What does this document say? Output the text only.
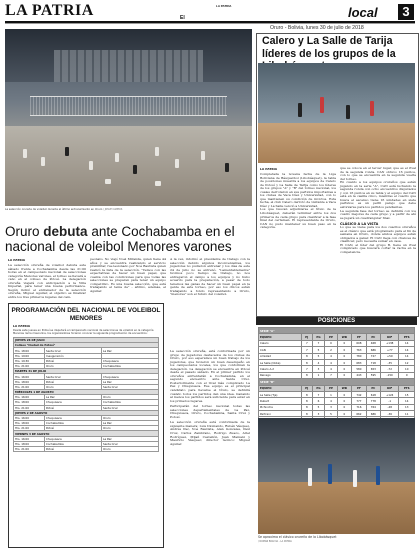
LA PATRIA	El
LA PATRIA	local	3
Oruro - Bolivia, lunes 30 de julio de 2018
La selección orureña de voleibol durante el último entrenamiento en Oruro / JOSUE CAMPOS
Oruro debuta ante Cochabamba en el nacional de voleibol Menores varones
LA PATRIA
La selección orureña de voleibol debuta este sábado frente a Cochabamba desde las 21:00 horas en el campeonato nacional de selecciones categoría Menores varones, el torneo se llevará a cabo en el coliseo de Potosí. La delegación orureña viajará con anticipación a la Villa Imperial, para tener una buena performance. Según indicó el entrenador de la selección orureña, Miguel Aguilar, el objetivo es finalizar entre los tres primeros lugares del cam-
peonato. No viajó Noel Miranda, quien tiene 44 años y se encuentra realizando el servicio premilitar, fue lesionado por Noé Bautista quien realizó la lista de la selección. "Vemos con las expectativas de hacer un buen papel, que cuenta con las condiciones para que todas las selecciones se preparen para tener un equipo competitivo. Es una buena selección, que está trabajando el tema de" - afirmó, además, el Aguilar.
A la vez, informó el presidente de trabajo con la selección debido algunos inconvenientes, los jugadores no pudieron entrenar y los días de este 24 de julio no se entrenó. "Lamentablemente" tuvimos poco tiempo de trabajo, no nos entregaron el campo a los equipos y no hubo acuerdo para la preparación, a pesar de todo tenemos las ganas de hacer un buen papel en la gente de este torneo, por eso los chicos están trabajando a fondo representando a Oruro, "menores" son el futuro del voleibol.
La selección orureña, está conformada por un grupo de jugadores destacados de los clubes de Oruro, por eso esperamos un buen trabajo de los jugadores, que tuvieron un buen desempeño en los campeonatos locales, los que conforman la delegación. La delegación se encuentra en Potosí desde el pasado sábado. En el primer partido los orureños enfrentarán a Cochabamba, en el segundo encuentro ante Santa Cruz. Posteriormente con el rival más complicado La Paz y Chuquisaca. Ese equipo es el principal candidato para llevarse el título, se definirá cuando todos los partidos den una idea. Ganando al menos los partidos será suficiente para estar en los primeros lugares.
Participarán del torneo nacional todas las selecciones departamentales de La Paz, Chuquisaca, Oruro, Cochabamba, Santa Cruz y Potosí.
La selección orureña está conformada de la siguiente manera: Luis Diomando, Rubén Vásquez, Andrés Paz, Noé Bautista, Alan Gonzales, Paúl Cruz, Carlos Zambrano, Rodrigo Zuazo, Ariel Rodríguez, Mijaíl Castellón, Juan Mamani y Mauricio Vásquez; director técnico: Miguel Aguilar.
PROGRAMACIÓN DEL NACIONAL DE VOLEIBOL MENORES
LA PATRIA
Desde este jueves en Potosí se disputará el campeonato nacional de selecciones de voleibol en la categoría Menores rama masculina, los organizadores hicieron conocer la siguiente programación de encuentros:
JUEVES 26 DE JULIO		
Coliseo "Ciudad de Potosí"		
Hrs. 18:00	Santa Cruz	La Paz
Hrs. 19:00	Inauguración	
Hrs. 19:30	Potosí	Chuquisaca
Hrs. 21:00	Oruro	Cochabamba
MARTES 31 DE JULIO		
Hrs. 16:00	Santa Cruz	Chuquisaca
Hrs. 18:00	Potosí	La Paz
Hrs. 21:00	Oruro	Santa Cruz
MIÉRCOLES 1 DE AGOSTO		
Hrs. 16:00	La Paz	Oruro
Hrs. 18:00	Chuquisaca	Cochabamba
Hrs. 21:00	Potosí	Santa Cruz
JUEVES 2 DE AGOSTO		
Hrs. 16:00	Chuquisaca	Oruro
Hrs. 18:00	Cochabamba	La Paz
Hrs. 21:00	Potosí	Oruro
VIERNES 3 DE AGOSTO		
Hrs. 16:00	Chuquisaca	La Paz
Hrs. 18:00	Cochabamba	Santa Cruz
Hrs. 21:00	Potosí	Oruro
Calero y La Salle de Tarija líderes de los grupos de la
LA PATRIA
Completada la novena fecha de la Liga Boliviana de Básquetbol (Libobásquet), la tabla de posiciones muestra a los equipos de Calero de Potosí y La Salle de Tarija como los líderes de los grupos "A" y "B" del torneo nacional, los cuales derrotaron en sus partidos importantes a los clubes de Vaca Díez y Universidad, con lo que mantienen su condición de invictos. Esta fecha, el club Calero derrotó de visitante a Vaca Díez y La Salle venció a Universidad.
Los que buscan adjudicarse el título de la Libobásquet, deberán terminar entre los dos primeros de cada grupo para clasificar a la fase final del certamen. El representante de Oruro, CAN no pudo mantener su buen paso en la categoría.
que se coloca en el tercer lugar, que es el rival de la segunda ronda. CAN obtuvo 16 puntos, con lo que se encuentra en la segunda vuelta del torneo.
En cuanto a los equipos orureños que están jugando en la serie "A", CAN está luchando la segunda ronda con ocho encuentros disputados y con 16 puntos en su tabla y el equipo del CAN está en la casilla cinco, mientras el cuadro que busca el ascenso tiene 16 unidades en siete partidos; es un perfil parejo que debe esforzarse para los partidos pendientes.
La segunda fase del torneo se definirá con los cuatro mejores de cada grupo y a partir de ahí se jugará un cuadrangular final.
CLÁSICO A LA VISTA
Lo que se viene para los dos cuadros orureños es el clásico que está programado para el fin de semana en Oruro, donde ambos equipos están obligados a ganar. El CAN llega con chances de clasificar, pero necesita sumar en casa.
El CAN, el líder del grupo B, tiene un rival complicado que buscará cortar la racha en la competencia.
POSICIONES
SERIE "A"								
EQUIPO	PJ	PG	PP	WD	PF	PC	DIF	PTS
Calero	7	7	0	0	608	468	+138	14
CAN	7	5	2	0	763	686	+77	14
Amistad	8	5	4	0	780	727	+59	14
La Salle (Cbba)	8	4	4	0	683	718	-35	12
Calero A-2	7	3	4	0	580	653	-72	10
Reinsgo	8	1	7	0	443	595	-150	9
SERIE "B"								
EQUIPO	PJ	PG	PP	WD	PF	PC	DIF	PTS
La Salle (Tja)	8	7	1	0	742	618	+124	15
Rubart	8	6	4	0	777	778	-1	14
Pichincha	8	5	3	0	716	764	-48	13
Pertrani	8	3	5	0	662	686	-36	11

Se aproxima el clásico orureño de la Libobásquet
/ ROMAN BOLIVIA - LA PATRIA
